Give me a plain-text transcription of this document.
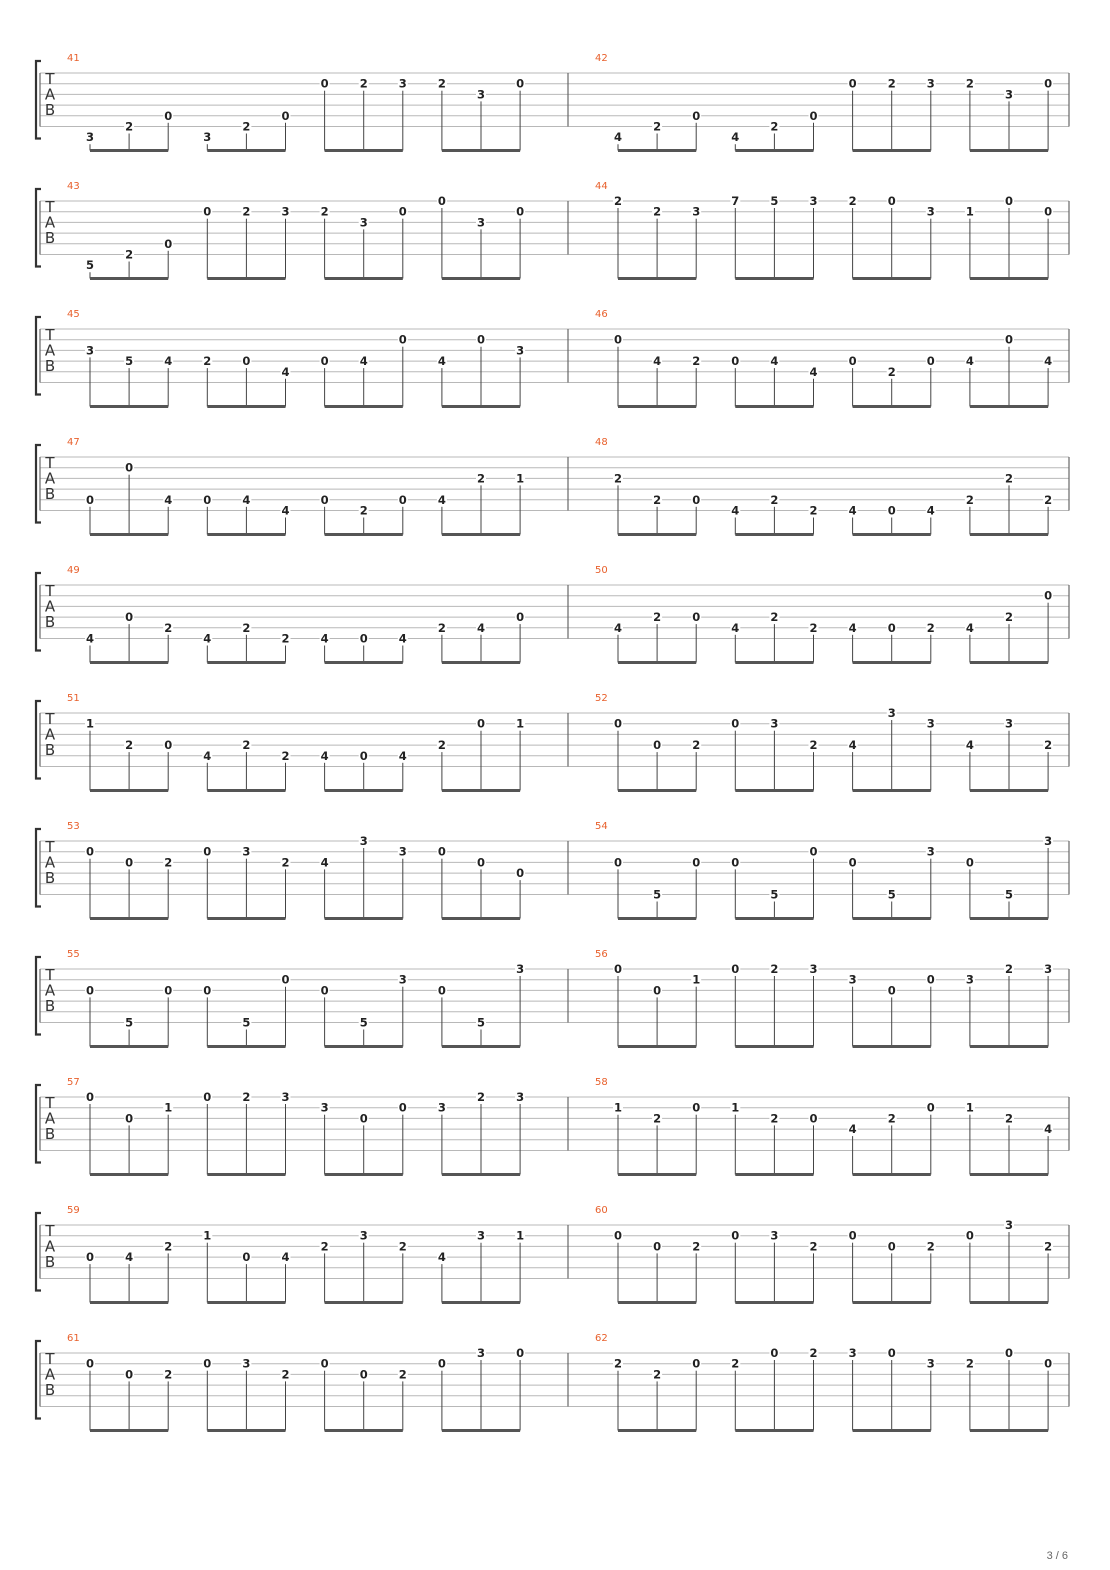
T
A
B
41
3
2
0
3
2
0
0	2	3	2
3
0
42
4
2
0
4
2
0
0	2	3	2
3
0
T
A
B
43
5
2
0
0	2	3	2
3
0
0
3
0
44
2
2	3
7	5	3	2	0
3	1
0
0
T
A
B
45
3
5	4	2	0
4
0	4
0
4
0
3
46
0
4	2	0	4
4
0
2
0	4
0
4
T
A
B
47
0
0
4	0	4
4
0
2
0	4
2	1
48
2
2	0
4
2
2	4	0	4
2
2
2
T
A
B
49
4
0
2
4
2
2	4	0	4
2	4
0
50
4
2	0
4
2
2	4	0	2	4
2
0
T
A
B
51
1
2	0
4
2
2	4	0	4
2
0	1
52
0
0	2
0	3
2	4
3
3
4
3
2
T
A
B
53
0
0	2
0	3
2	4
3
3	0
0
0
54
0
5
0	0
5
0
0
5
3
0
5
3
T
A
B
55
0
5
0	0
5
0
0
5
3
0
5
3
56
0
0
1
0	2	3
3
0
0	3
2	3
T
A
B
57
0
0
1
0	2	3
3
0
0	3
2	3
58
1
2
0	1
2	0
4
2
0	1
2
4
T
A
B
59
0	4
2
1
0	4
2
3
2
4
3	1
60
0
0	2
0	3
2
0
0	2
0
3
2
T
A
B
61
0
0	2
0	3
2
0
0	2
0
3	0
62
2
2
0	2
0	2	3	0
3	2
0
0
3 / 6
